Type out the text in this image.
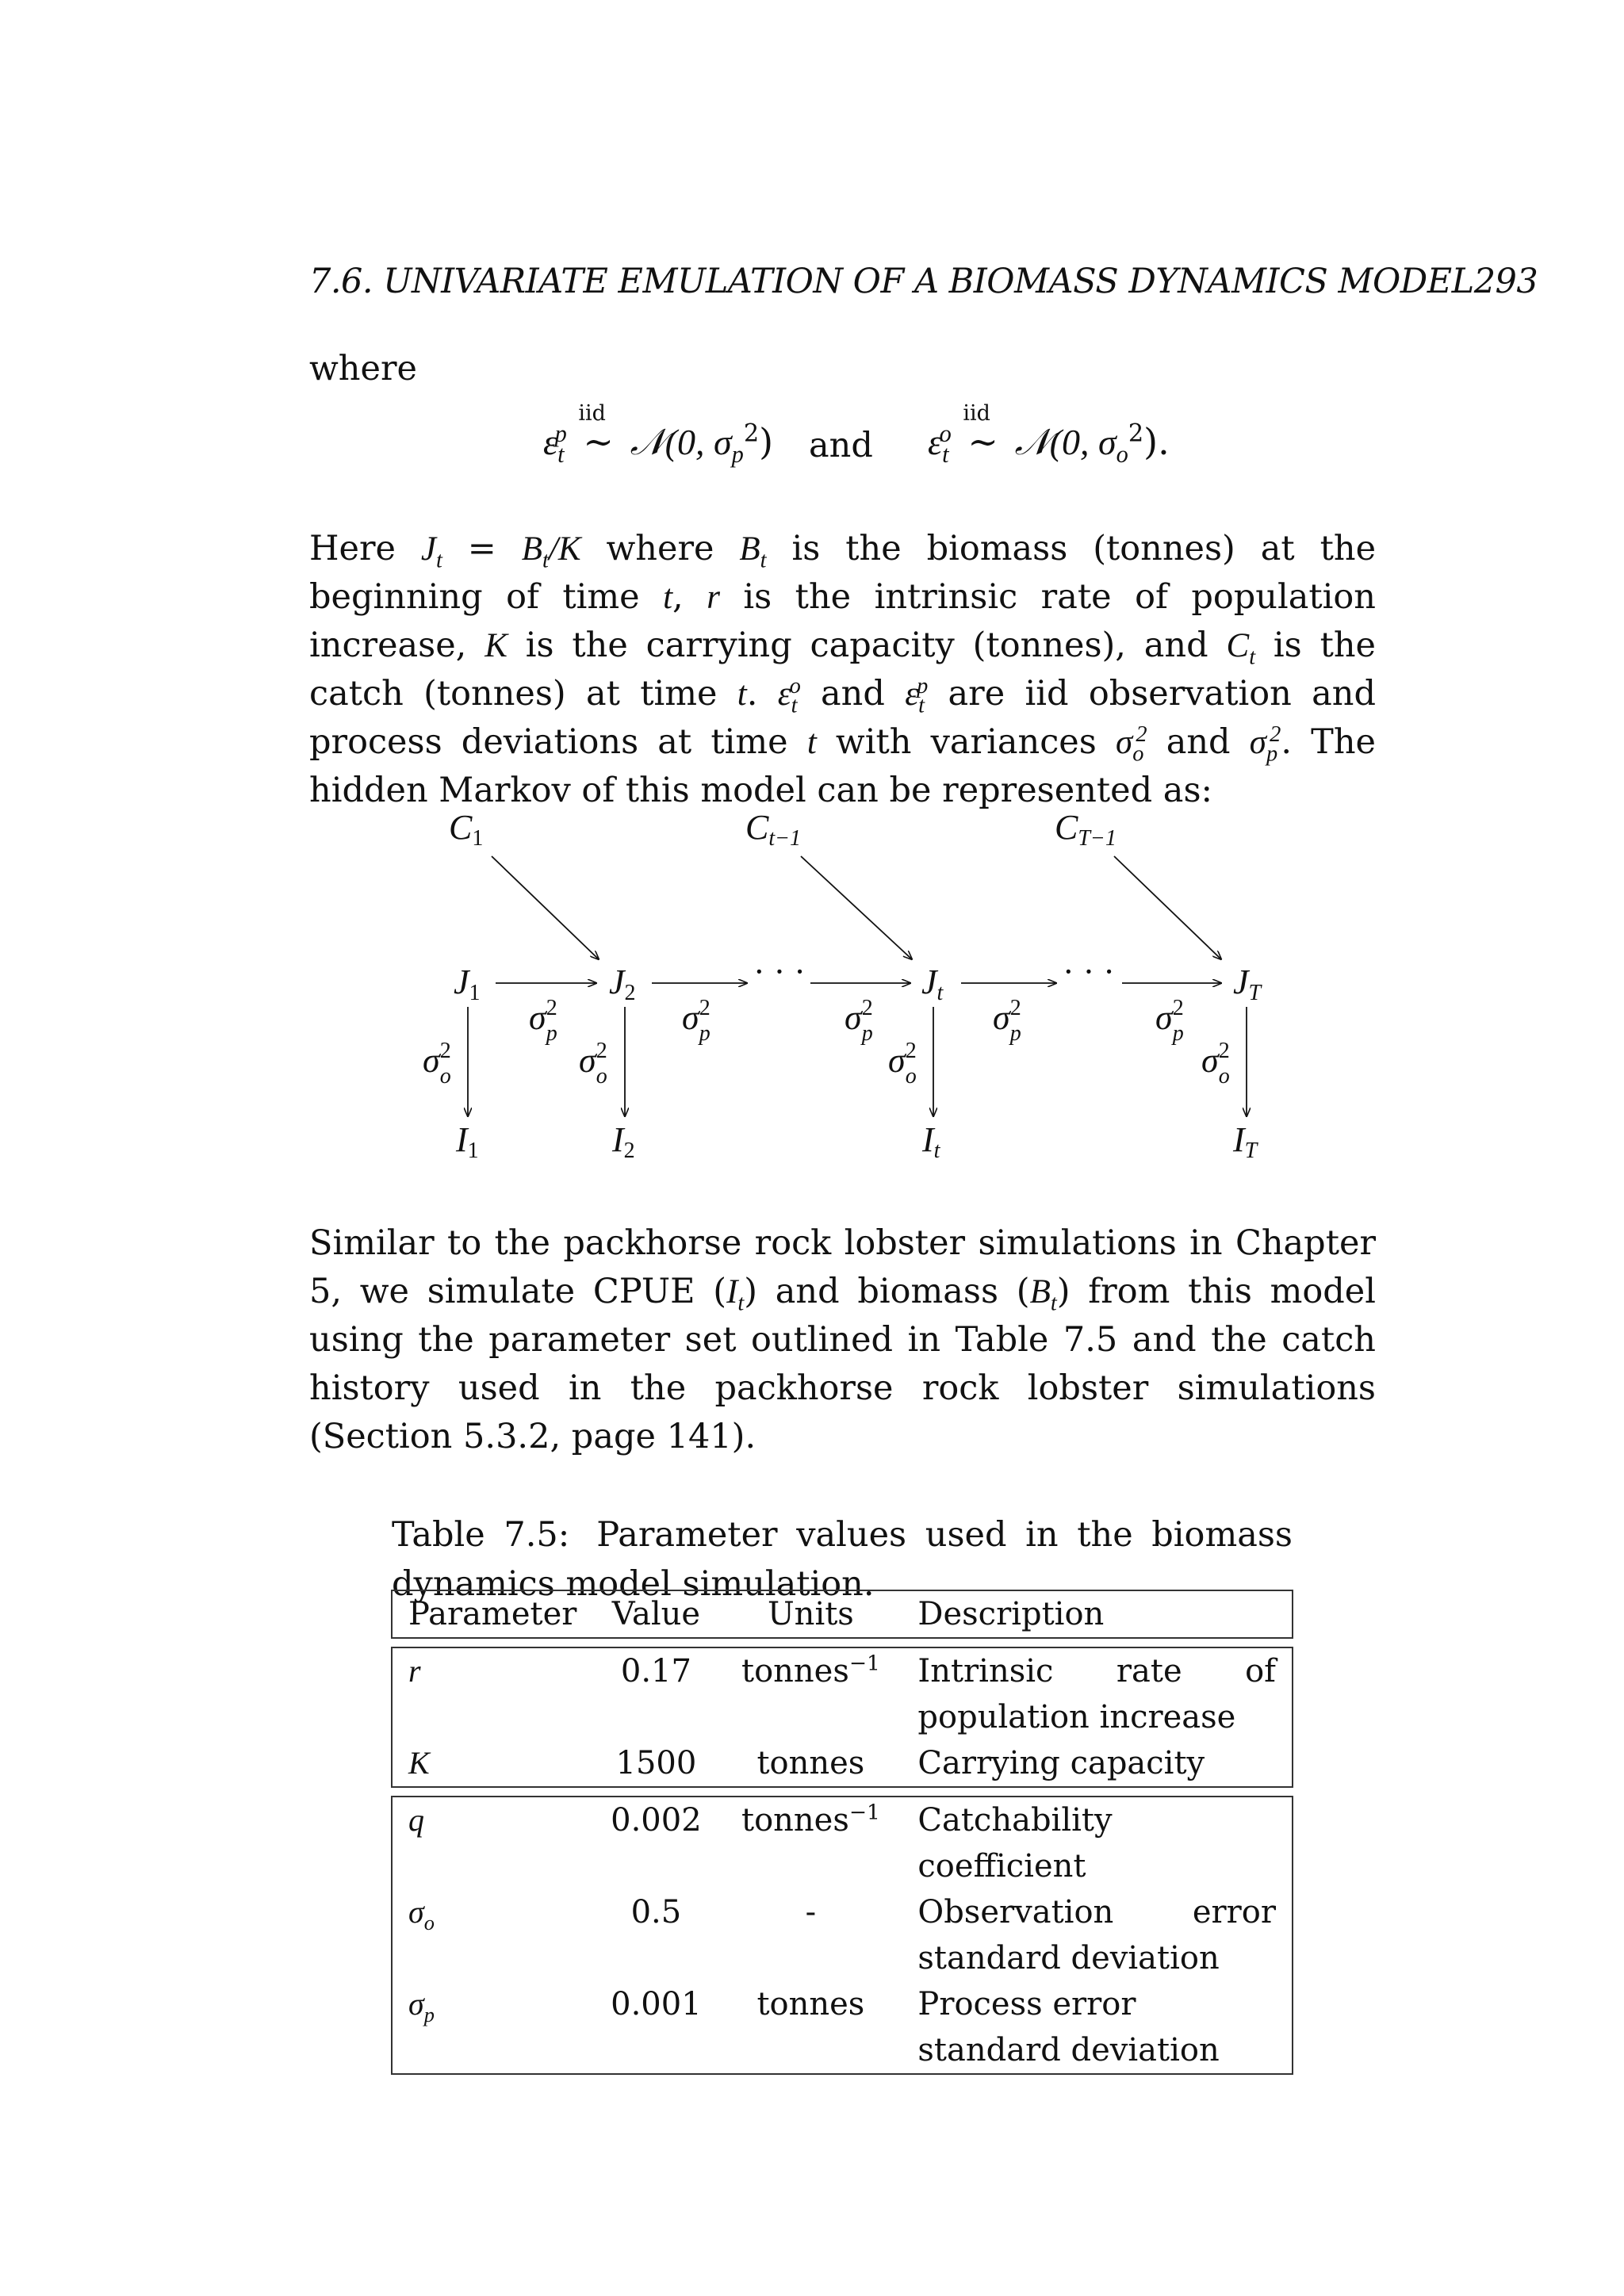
7.6. UNIVARIATE EMULATION OF A BIOMASS DYNAMICS MODEL293
where
$\varepsilon_t^p$
iid
∼ 𝒩(0, $\sigma_p^2$) and $\varepsilon_t^o$
iid
∼ 𝒩(0, $\sigma_o^2$).
Here $J_t = B_t/K$ where $B_t$ is the biomass (tonnes) at the beginning of time t, r is the intrinsic rate of population increase, K is the carrying capacity (tonnes), and $C_t$ is the catch (tonnes) at time t. $\varepsilon_t^o$ and $\varepsilon_t^p$ are iid observation and process deviations at time t with variances $\sigma_o^2$ and $\sigma_p^2$. The hidden Markov of this model can be represented as:
C1	Ct−1	CT−1
J1	J2	Jt	JT
· · ·	· · ·
$\sigma^2$ p	$\sigma^2$ p	$\sigma^2$ p	$\sigma^2$ p	$\sigma^2$ p
$\sigma^2$ o	$\sigma^2$ o	$\sigma^2$ o	$\sigma^2$ o
I1	I2	It	IT
Similar to the packhorse rock lobster simulations in Chapter 5, we simulate CPUE $(I_t)$ and biomass $(B_t)$ from this model using the parameter set outlined in Table 7.5 and the catch history used in the packhorse rock lobster simulations (Section 5.3.2, page 141).
Table 7.5: Parameter values used in the biomass dynamics model simulation.
Parameter	Value	Units	Description

r	0.17	tonnes$^{-1}$	Intrinsic rate of population increase
K	1500	tonnes	Carrying capacity

q	0.002	tonnes$^{-1}$	Catchability coefficient
$\sigma_o$	0.5	-	Observation error standard deviation
$\sigma_p$	0.001	tonnes	Process error standard deviation
